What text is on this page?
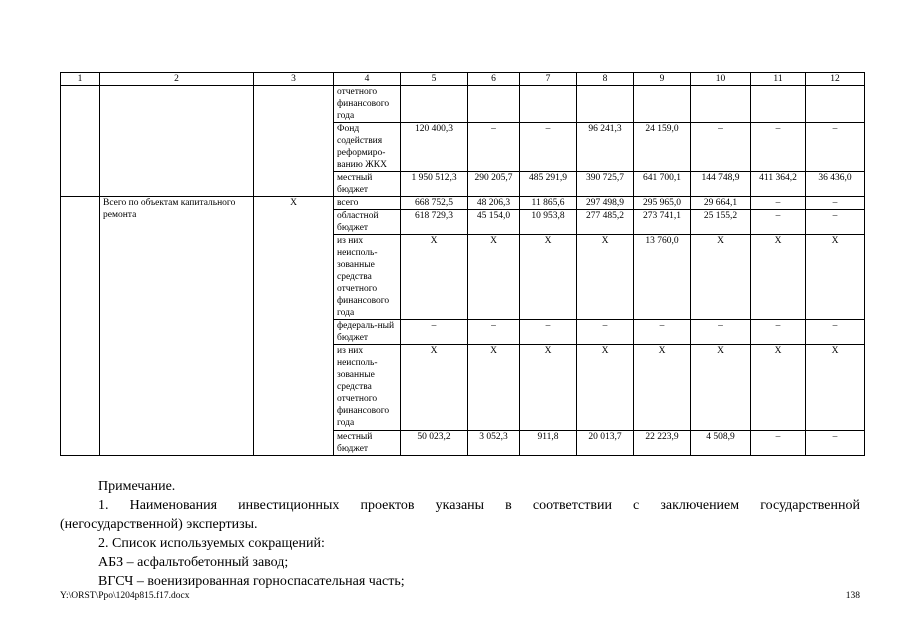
1	2	3	4	5	6	7	8	9	10	11	12
			отчетного финансового года								
			Фонд содействия реформиро-ванию ЖКХ	120 400,3	–	–	96 241,3	24 159,0	–	–	–
			местный бюджет	1 950 512,3	290 205,7	485 291,9	390 725,7	641 700,1	144 748,9	411 364,2	36 436,0
	Всего по объектам капитального ремонта	Х	всего	668 752,5	48 206,3	11 865,6	297 498,9	295 965,0	29 664,1	–	–
			областной бюджет	618 729,3	45 154,0	10 953,8	277 485,2	273 741,1	25 155,2	–	–
			из них неисполь-зованные средства отчетного финансового года	Х	Х	Х	Х	13 760,0	Х	Х	Х
			федераль-ный бюджет	–	–	–	–	–	–	–	–
			из них неисполь-зованные средства отчетного финансового года	Х	Х	Х	Х	Х	Х	Х	Х
			местный бюджет	50 023,2	3 052,3	911,8	20 013,7	22 223,9	4 508,9	–	–

Примечание.

1. Наименования инвестиционных проектов указаны в соответствии с заключением государственной

(негосударственной) экспертизы.

2. Список используемых сокращений:

АБЗ – асфальтобетонный завод;

ВГСЧ – военизированная горноспасательная часть;

Y:\ORST\Ppo\1204p815.f17.docx	138
